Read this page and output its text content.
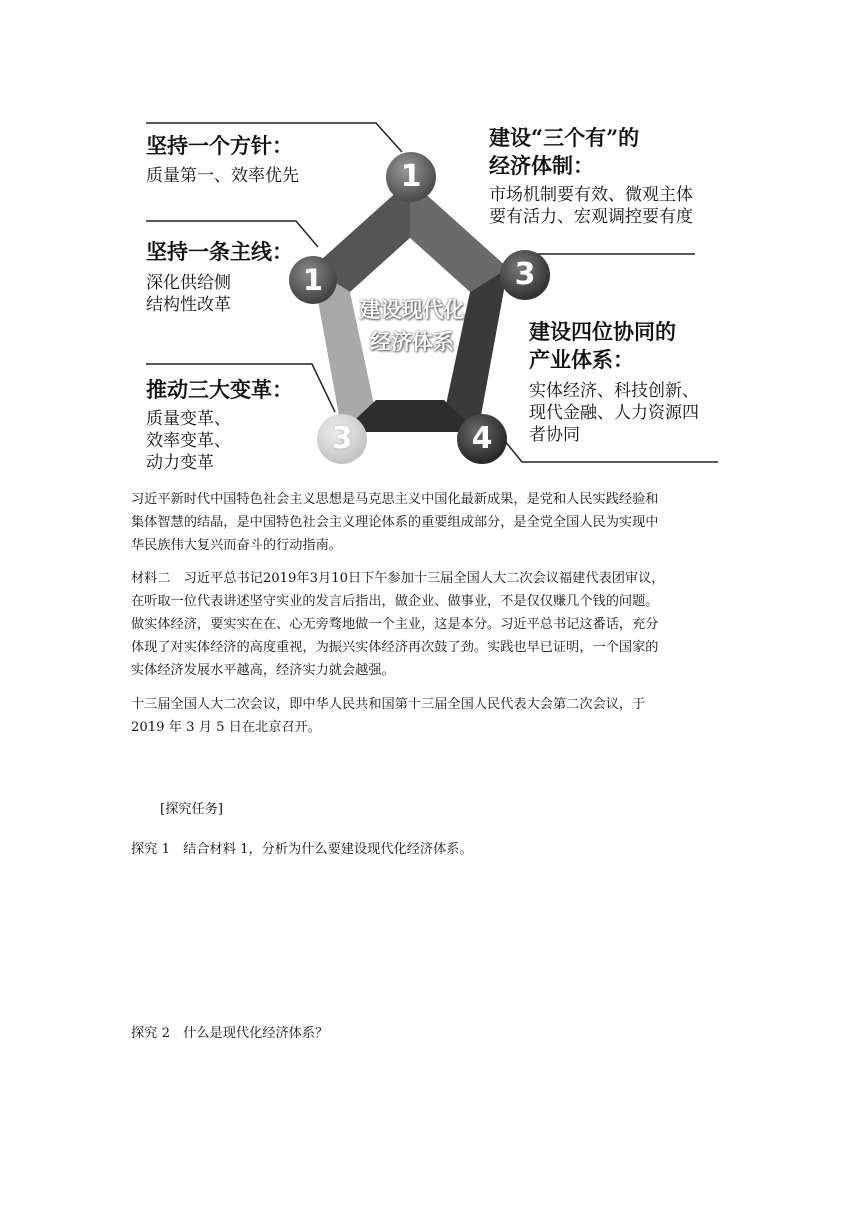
建设现代化
经济体系
1
1	3
4
3
坚持一个方针：
质量第一、效率优先
坚持一条主线：
深化供给侧
结构性改革
推动三大变革：
质量变革、
效率变革、
动力变革
建设“三个有”的
经济体制：
市场机制要有效、微观主体
要有活力、宏观调控要有度
建设四位协同的
产业体系：
实体经济、科技创新、
现代金融、人力资源四
者协同
习近平新时代中国特色社会主义思想是马克思主义中国化最新成果，是党和人民实践经验和
集体智慧的结晶，是中国特色社会主义理论体系的重要组成部分，是全党全国人民为实现中
华民族伟大复兴而奋斗的行动指南。
材料二　习近平总书记2019年3月10日下午参加十三届全国人大二次会议福建代表团审议，
在听取一位代表讲述坚守实业的发言后指出，做企业、做事业，不是仅仅赚几个钱的问题。
做实体经济，要实实在在、心无旁骛地做一个主业，这是本分。习近平总书记这番话，充分
体现了对实体经济的高度重视，为振兴实体经济再次鼓了劲。实践也早已证明，一个国家的
实体经济发展水平越高，经济实力就会越强。
十三届全国人大二次会议，即中华人民共和国第十三届全国人民代表大会第二次会议，于
2019 年 3 月 5 日在北京召开。
[探究任务]
探究 1　结合材料 1，分析为什么要建设现代化经济体系。
探究 2　什么是现代化经济体系？
